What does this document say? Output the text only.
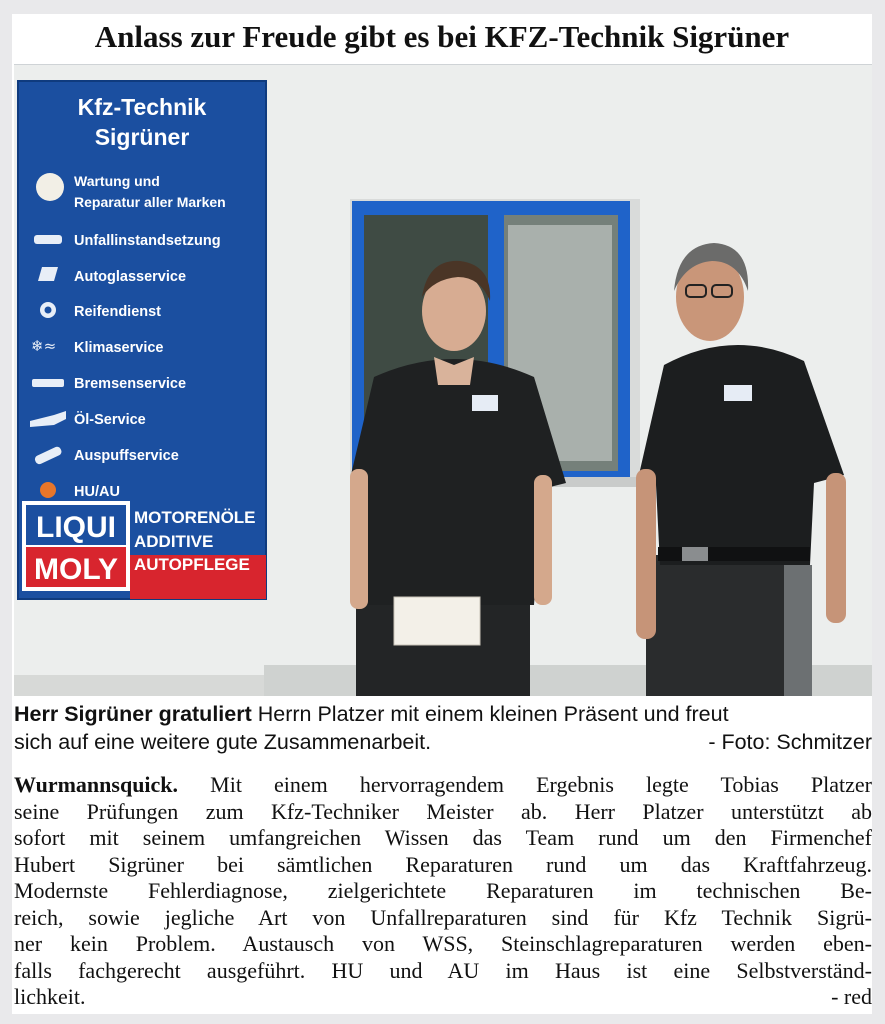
Anlass zur Freude gibt es bei KFZ-Technik Sigrüner
Kfz-Technik
Sigrüner
Wartung und
Reparatur aller Marken
Unfallinstandsetzung
Autoglasservice
Reifendienst
❄≈ Klimaservice
Bremsenservice
Öl-Service
Auspuffservice
HU/AU
LIQUI
MOLY
MOTORENÖLE
ADDITIVE
AUTOPFLEGE
Herr Sigrüner gratuliert Herrn Platzer mit einem kleinen Präsent und freut
sich auf eine weitere gute Zusammenarbeit.	- Foto: Schmitzer
Wurmannsquick. Mit einem hervorragendem Ergebnis legte Tobias Platzer
seine Prüfungen zum Kfz-Techniker Meister ab. Herr Platzer unterstützt ab
sofort mit seinem umfangreichen Wissen das Team rund um den Firmenchef
Hubert Sigrüner bei sämtlichen Reparaturen rund um das Kraftfahrzeug.
Modernste Fehlerdiagnose, zielgerichtete Reparaturen im technischen Be-
reich, sowie jegliche Art von Unfallreparaturen sind für Kfz Technik Sigrü-
ner kein Problem. Austausch von WSS, Steinschlagreparaturen werden eben-
falls fachgerecht ausgeführt. HU und AU im Haus ist eine Selbstverständ-
lichkeit.	- red
